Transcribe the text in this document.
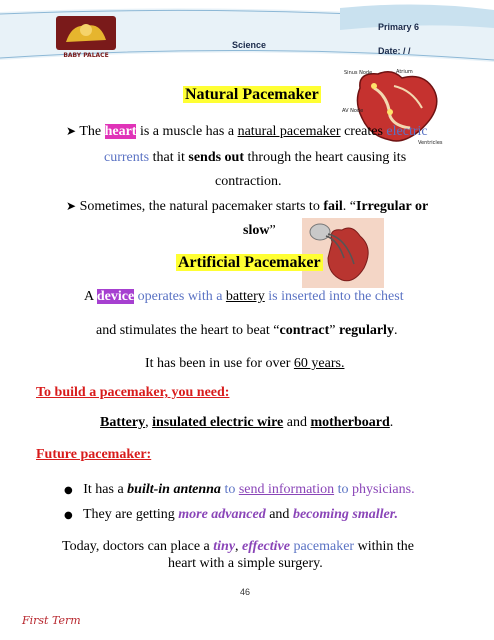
BABY PALACE
Science
Primary 6
Date: / /
Sinus Node	Atrium
AV Node
Ventricles
Natural Pacemaker
➤ The heart is a muscle has a natural pacemaker creates electric
currents that it sends out through the heart causing its
contraction.
➤ Sometimes, the natural pacemaker starts to fail. “Irregular or
slow”
Artificial Pacemaker
A device operates with a battery is inserted into the chest
and stimulates the heart to beat “contract” regularly.
It has been in use for over 60 years.
To build a pacemaker, you need:
Battery, insulated electric wire and motherboard.
Future pacemaker:
● It has a built-in antenna to send information to physicians.
● They are getting more advanced and becoming smaller.
Today, doctors can place a tiny, effective pacemaker within the
heart with a simple surgery.
46
First Term
